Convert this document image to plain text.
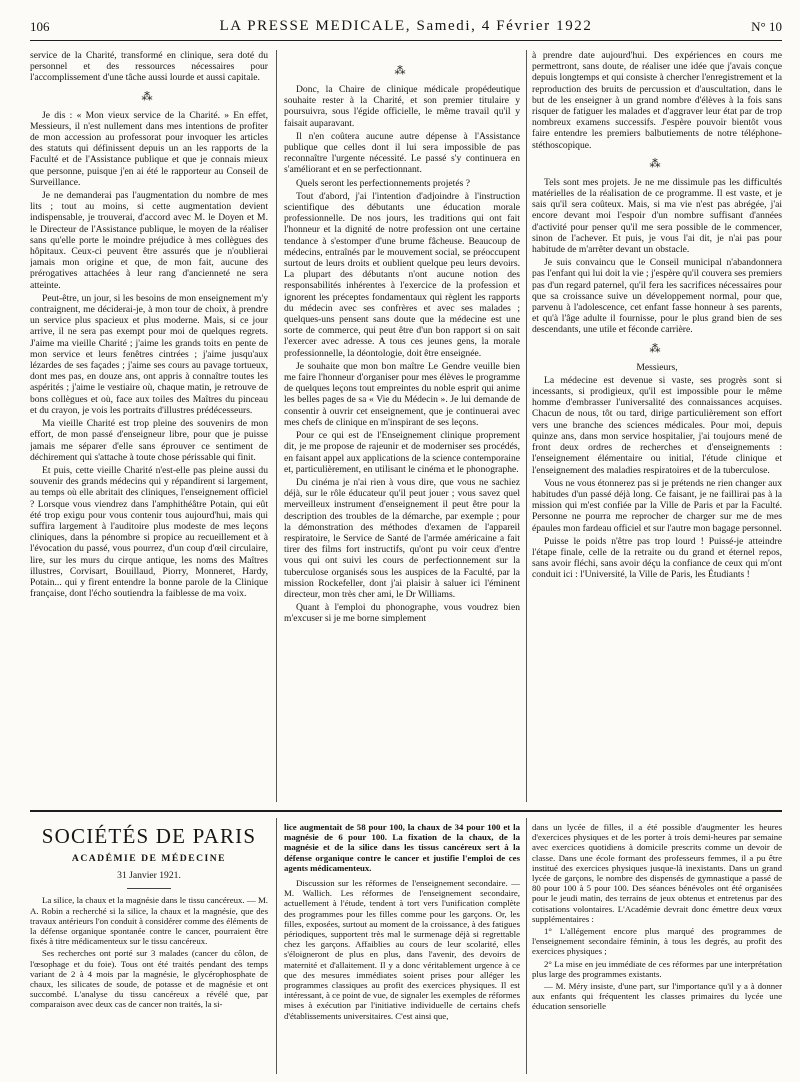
106	LA PRESSE MEDICALE, Samedi, 4 Février 1922	N° 10

service de la Charité, transformé en clinique, sera doté du personnel et des ressources nécessaires pour l'accomplissement d'une tâche aussi lourde et aussi capitale.

⁂

Je dis : « Mon vieux service de la Charité. » En effet, Messieurs, il n'est nullement dans mes intentions de profiter de mon accession au professorat pour invoquer les articles des statuts qui définissent depuis un an les rapports de la Faculté et de l'Assistance publique et que je connais mieux que personne, puisque j'en ai été le rapporteur au Conseil de Surveillance.

Je ne demanderai pas l'augmentation du nombre de mes lits ; tout au moins, si cette augmentation devient indispensable, je trouverai, d'accord avec M. le Doyen et M. le Directeur de l'Assistance publique, le moyen de la réaliser sans qu'elle porte le moindre préjudice à mes collègues des hôpitaux. Ceux-ci peuvent être assurés que je n'oublierai jamais mon origine et que, de mon fait, aucune des prérogatives attachées à leur rang d'ancienneté ne sera atteinte.

Peut-être, un jour, si les besoins de mon enseignement m'y contraignent, me déciderai-je, à mon tour de choix, à prendre un service plus spacieux et plus moderne. Mais, si ce jour arrive, il ne sera pas exempt pour moi de quelques regrets. J'aime ma vieille Charité ; j'aime les grands toits en pente de mon service et leurs fenêtres cintrées ; j'aime jusqu'aux lézardes de ses façades ; j'aime ses cours au pavage tortueux, dont mes pas, en douze ans, ont appris à connaître toutes les aspérités ; j'aime le vestiaire où, chaque matin, je retrouve de bons collègues et où, face aux toiles des Maîtres du pinceau et du crayon, je vois les portraits d'illustres prédécesseurs.

Ma vieille Charité est trop pleine des souvenirs de mon effort, de mon passé d'enseigneur libre, pour que je puisse jamais me séparer d'elle sans éprouver ce sentiment de déchirement qui s'attache à toute chose périssable qui finit.

Et puis, cette vieille Charité n'est-elle pas pleine aussi du souvenir des grands médecins qui y répandirent si largement, au temps où elle abritait des cliniques, l'enseignement officiel ? Lorsque vous viendrez dans l'amphithéâtre Potain, qui eût été trop exigu pour vous contenir tous aujourd'hui, mais qui suffira largement à l'auditoire plus modeste de mes leçons cliniques, dans la pénombre si propice au recueillement et à l'évocation du passé, vous pourrez, d'un coup d'œil circulaire, lire, sur les murs du cirque antique, les noms des Maîtres illustres, Corvisart, Bouillaud, Piorry, Monneret, Hardy, Potain... qui y firent entendre la bonne parole de la Clinique française, dont l'écho soutiendra la faiblesse de ma voix.

⁂

Donc, la Chaire de clinique médicale propédeutique souhaite rester à la Charité, et son premier titulaire y poursuivra, sous l'égide officielle, le même travail qu'il y faisait auparavant.

Il n'en coûtera aucune autre dépense à l'Assistance publique que celles dont il lui sera impossible de pas reconnaître l'urgente nécessité. Le passé s'y continuera en s'améliorant et en se perfectionnant.

Quels seront les perfectionnements projetés ?

Tout d'abord, j'ai l'intention d'adjoindre à l'instruction scientifique des débutants une éducation morale professionnelle. De nos jours, les traditions qui ont fait l'honneur et la dignité de notre profession ont une certaine tendance à s'estomper d'une brume fâcheuse. Beaucoup de médecins, entraînés par le mouvement social, se préoccupent surtout de leurs droits et oublient quelque peu leurs devoirs. La plupart des débutants n'ont aucune notion des responsabilités inhérentes à l'exercice de la profession et ignorent les préceptes fondamentaux qui règlent les rapports du médecin avec ses confrères et avec ses malades ; quelques-uns pensent sans doute que la médecine est une sorte de commerce, qui peut être d'un bon rapport si on sait l'exercer avec adresse. A tous ces jeunes gens, la morale professionnelle, la déontologie, doit être enseignée.

Je souhaite que mon bon maître Le Gendre veuille bien me faire l'honneur d'organiser pour mes élèves le programme de quelques leçons tout empreintes du noble esprit qui anime les belles pages de sa « Vie du Médecin ». Je lui demande de consentir à ouvrir cet enseignement, que je continuerai avec mes chefs de clinique en m'inspirant de ses leçons.

Pour ce qui est de l'Enseignement clinique proprement dit, je me propose de rajeunir et de moderniser ses procédés, en faisant appel aux applications de la science contemporaine et, particulièrement, en utilisant le cinéma et le phonographe.

Du cinéma je n'ai rien à vous dire, que vous ne sachiez déjà, sur le rôle éducateur qu'il peut jouer ; vous savez quel merveilleux instrument d'enseignement il peut être pour la description des troubles de la démarche, par exemple ; pour la démonstration des méthodes d'examen de l'appareil respiratoire, le Service de Santé de l'armée américaine a fait tirer des films fort instructifs, qu'ont pu voir ceux d'entre vous qui ont suivi les cours de perfectionnement sur la tuberculose organisés sous les auspices de la Faculté, par la mission Rockefeller, dont j'ai plaisir à saluer ici l'éminent directeur, mon très cher ami, le Dr Williams.

Quant à l'emploi du phonographe, vous voudrez bien m'excuser si je me borne simplement

à prendre date aujourd'hui. Des expériences en cours me permettront, sans doute, de réaliser une idée que j'avais conçue depuis longtemps et qui consiste à chercher l'enregistrement et la reproduction des bruits de percussion et d'auscultation, dans le but de les enseigner à un grand nombre d'élèves à la fois sans risquer de fatiguer les malades et d'aggraver leur état par de trop nombreux examens successifs. J'espère pouvoir bientôt vous faire entendre les premiers balbutiements de notre téléphone-stéthoscopique.

⁂

Tels sont mes projets. Je ne me dissimule pas les difficultés matérielles de la réalisation de ce programme. Il est vaste, et je sais qu'il sera coûteux. Mais, si ma vie n'est pas abrégée, j'ai encore devant moi l'espoir d'un nombre suffisant d'années d'activité pour penser qu'il me sera possible de le commencer, sinon de l'achever. Et puis, je vous l'ai dit, je n'ai pas pour habitude de m'arrêter devant un obstacle.

Je suis convaincu que le Conseil municipal n'abandonnera pas l'enfant qui lui doit la vie ; j'espère qu'il couvera ses premiers pas d'un regard paternel, qu'il fera les sacrifices nécessaires pour que sa croissance suive un développement normal, pour que, parvenu à l'adolescence, cet enfant fasse honneur à ses parents, et qu'à l'âge adulte il fournisse, pour le plus grand bien de ses descendants, une utile et féconde carrière.

⁂

Messieurs,

La médecine est devenue si vaste, ses progrès sont si incessants, si prodigieux, qu'il est impossible pour le même homme d'embrasser l'universalité des connaissances acquises. Chacun de nous, tôt ou tard, dirige particulièrement son effort vers une branche des sciences médicales. Pour moi, depuis quinze ans, dans mon service hospitalier, j'ai toujours mené de front deux ordres de recherches et d'enseignements : l'enseignement élémentaire ou initial, l'étude clinique et l'enseignement des maladies respiratoires et de la tuberculose.

Vous ne vous étonnerez pas si je prétends ne rien changer aux habitudes d'un passé déjà long. Ce faisant, je ne faillirai pas à la mission qui m'est confiée par la Ville de Paris et par la Faculté. Personne ne pourra me reprocher de charger sur me de mes épaules mon fardeau officiel et sur l'autre mon bagage personnel.

Puisse le poids n'être pas trop lourd ! Puissé-je atteindre l'étape finale, celle de la retraite ou du grand et éternel repos, sans avoir fléchi, sans avoir déçu la confiance de ceux qui m'ont conduit ici : l'Université, la Ville de Paris, les Étudiants !

SOCIÉTÉS DE PARIS
ACADÉMIE DE MÉDECINE
31 Janvier 1921.

La silice, la chaux et la magnésie dans le tissu cancéreux. — M. A. Robin a recherché si la silice, la chaux et la magnésie, que des travaux antérieurs l'on conduit à considérer comme des éléments de la défense organique spontanée contre le cancer, pourraient être fixés à titre médicamenteux sur le tissu cancéreux.

Ses recherches ont porté sur 3 malades (cancer du côlon, de l'œsophage et du foie). Tous ont été traités pendant des temps variant de 2 à 4 mois par la magnésie, le glycérophosphate de chaux, les silicates de soude, de potasse et de magnésie et ont succombé. L'analyse du tissu cancéreux a révélé que, par comparaison avec deux cas de cancer non traités, la si-

lice augmentait de 58 pour 100, la chaux de 34 pour 100 et la magnésie de 6 pour 100. La fixation de la chaux, de la magnésie et de la silice dans les tissus cancéreux sert à la défense organique contre le cancer et justifie l'emploi de ces agents médicamenteux.

Discussion sur les réformes de l'enseignement secondaire. — M. Wallich. Les réformes de l'enseignement secondaire, actuellement à l'étude, tendent à tort vers l'unification complète des programmes pour les filles comme pour les garçons. Or, les filles, exposées, surtout au moment de la croissance, à des fatigues périodiques, supportent très mal le surmenage déjà si regrettable chez les garçons. Affaiblies au cours de leur scolarité, elles s'éloigneront de plus en plus, dans l'avenir, des devoirs de maternité et d'allaitement. Il y a donc véritablement urgence à ce que des mesures immédiates soient prises pour alléger les programmes classiques au profit des exercices physiques. Il est intéressant, à ce point de vue, de signaler les exemples de réformes mises à exécution par l'initiative individuelle de certains chefs d'établissements universitaires. C'est ainsi que,

dans un lycée de filles, il a été possible d'augmenter les heures d'exercices physiques et de les porter à trois demi-heures par semaine avec exercices quotidiens à domicile prescrits comme un devoir de classe. Dans une école formant des professeurs femmes, il a pu être institué des exercices physiques jusque-là inexistants. Dans un grand lycée de garçons, le nombre des dispensés de gymnastique a passé de 80 pour 100 à 5 pour 100. Des séances bénévoles ont été organisées pour le jeudi matin, des terrains de jeux obtenus et entretenus par des cotisations volontaires. L'Académie devrait donc émettre deux vœux supplémentaires :

1° L'allégement encore plus marqué des programmes de l'enseignement secondaire féminin, à tous les degrés, au profit des exercices physiques ;

2° La mise en jeu immédiate de ces réformes par une interprétation plus large des programmes existants.

— M. Méry insiste, d'une part, sur l'importance qu'il y a à donner aux enfants qui fréquentent les classes primaires du lycée une éducation sensorielle
